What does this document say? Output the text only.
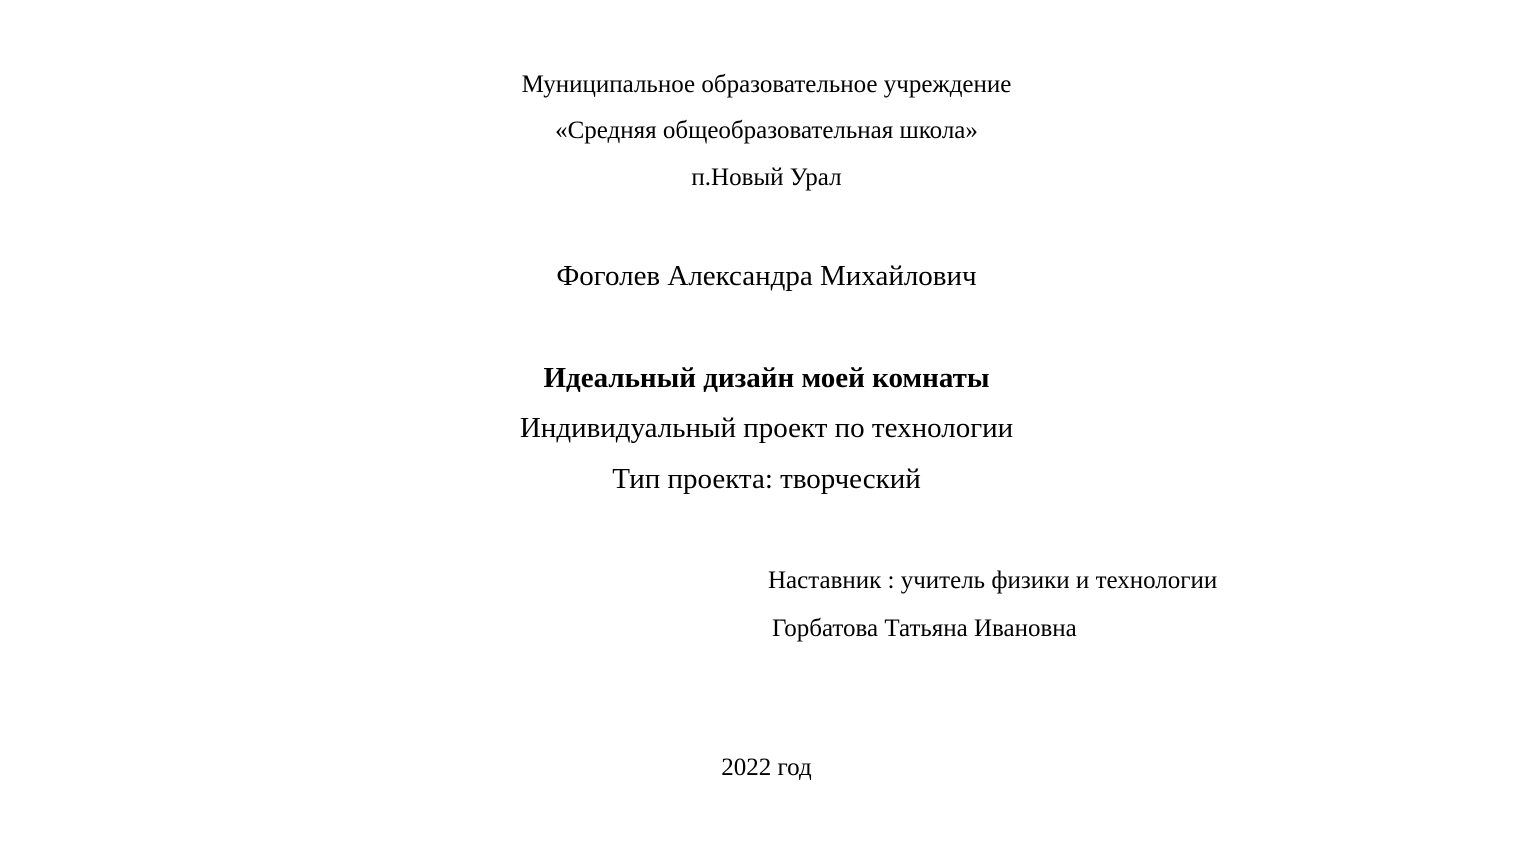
Муниципальное образовательное учреждение
«Средняя общеобразовательная школа»
п.Новый Урал
Фоголев Александра Михайлович
Идеальный дизайн моей комнаты
Индивидуальный проект по технологии
Тип проекта: творческий
Наставник : учитель физики и технологии
Горбатова Татьяна Ивановна
2022 год
